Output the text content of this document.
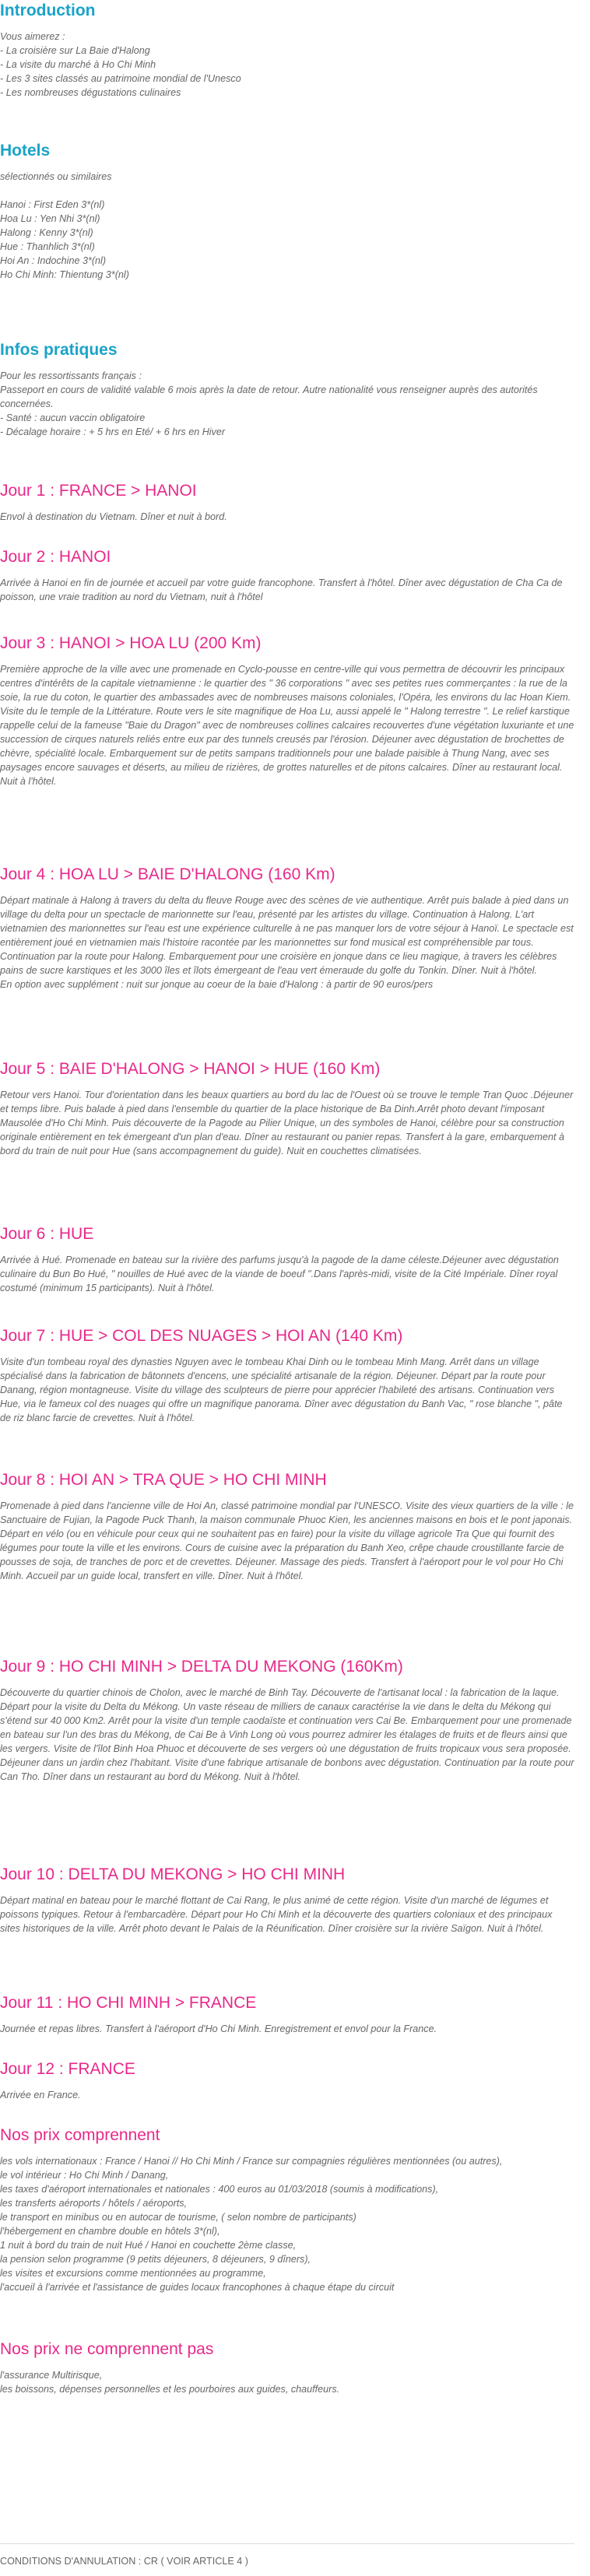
Introduction
Vous aimerez :
- La croisière sur La Baie d'Halong
- La visite du marché à Ho Chi Minh
- Les 3 sites classés au patrimoine mondial de l'Unesco
- Les nombreuses dégustations culinaires
Hotels
sélectionnés ou similaires
Hanoi : First Eden 3*(nl)
Hoa Lu : Yen Nhi 3*(nl)
Halong : Kenny 3*(nl)
Hue : Thanhlich 3*(nl)
Hoi An : Indochine 3*(nl)
Ho Chi Minh: Thientung 3*(nl)
Infos pratiques
Pour les ressortissants français :
Passeport en cours de validité valable 6 mois après la date de retour. Autre nationalité vous renseigner auprès des autorités concernées.
- Santé : aucun vaccin obligatoire
- Décalage horaire : + 5 hrs en Eté/ + 6 hrs en Hiver
Jour 1 : FRANCE > HANOI

Envol à destination du Vietnam. Dîner et nuit à bord.

Jour 2 : HANOI

Arrivée à Hanoi en fin de journée et accueil par votre guide francophone. Transfert à l'hôtel. Dîner avec dégustation de Cha Ca de poisson, une vraie tradition au nord du Vietnam, nuit à l'hôtel

Jour 3 : HANOI > HOA LU (200 Km)

Première approche de la ville avec une promenade en Cyclo-pousse en centre-ville qui vous permettra de découvrir les principaux centres d'intérêts de la capitale vietnamienne : le quartier des " 36 corporations " avec ses petites rues commerçantes : la rue de la soie, la rue du coton, le quartier des ambassades avec de nombreuses maisons coloniales, l'Opéra, les environs du lac Hoan Kiem. Visite du le temple de la Littérature. Route vers le site magnifique de Hoa Lu, aussi appelé le " Halong terrestre ". Le relief karstique rappelle celui de la fameuse "Baie du Dragon" avec de nombreuses collines calcaires recouvertes d'une végétation luxuriante et une succession de cirques naturels reliés entre eux par des tunnels creusés par l'érosion. Déjeuner avec dégustation de brochettes de chèvre, spécialité locale. Embarquement sur de petits sampans traditionnels pour une balade paisible à Thung Nang, avec ses paysages encore sauvages et déserts, au milieu de rizières, de grottes naturelles et de pitons calcaires. Dîner au restaurant local. Nuit à l'hôtel.

Jour 4 : HOA LU > BAIE D'HALONG (160 Km)

Départ matinale à Halong à travers du delta du fleuve Rouge avec des scènes de vie authentique. Arrêt puis balade à pied dans un village du delta pour un spectacle de marionnette sur l'eau, présenté par les artistes du village. Continuation à Halong. L'art vietnamien des marionnettes sur l'eau est une expérience culturelle à ne pas manquer lors de votre séjour à Hanoï. Le spectacle est entièrement joué en vietnamien mais l'histoire racontée par les marionnettes sur fond musical est compréhensible par tous. Continuation par la route pour Halong. Embarquement pour une croisière en jonque dans ce lieu magique, à travers les célèbres pains de sucre karstiques et les 3000 îles et îlots émergeant de l'eau vert émeraude du golfe du Tonkin. Dîner. Nuit à l'hôtel.

En option avec supplément : nuit sur jonque au coeur de la baie d'Halong : à partir de 90 euros/pers

Jour 5 : BAIE D'HALONG > HANOI > HUE (160 Km)

Retour vers Hanoi. Tour d'orientation dans les beaux quartiers au bord du lac de l'Ouest où se trouve le temple Tran Quoc .Déjeuner et temps libre. Puis balade à pied dans l'ensemble du quartier de la place historique de Ba Dinh.Arrêt photo devant l'imposant Mausolée d'Ho Chi Minh. Puis découverte de la Pagode au Pilier Unique, un des symboles de Hanoi, célèbre pour sa construction originale entièrement en tek émergeant d'un plan d'eau. Dîner au restaurant ou panier repas. Transfert à la gare, embarquement à bord du train de nuit pour Hue (sans accompagnement du guide). Nuit en couchettes climatisées.

Jour 6 : HUE

Arrivée à Hué. Promenade en bateau sur la rivière des parfums jusqu'à la pagode de la dame céleste.Déjeuner avec dégustation culinaire du Bun Bo Hué, " nouilles de Hué avec de la viande de boeuf ".Dans l'après-midi, visite de la Cité Impériale. Dîner royal costumé (minimum 15 participants). Nuit à l'hôtel.

Jour 7 : HUE > COL DES NUAGES > HOI AN (140 Km)

Visite d'un tombeau royal des dynasties Nguyen avec le tombeau Khai Dinh ou le tombeau Minh Mang. Arrêt dans un village spécialisé dans la fabrication de bâtonnets d'encens, une spécialité artisanale de la région. Déjeuner. Départ par la route pour Danang, région montagneuse. Visite du village des sculpteurs de pierre pour apprécier l'habileté des artisans. Continuation vers Hue, via le fameux col des nuages qui offre un magnifique panorama. Dîner avec dégustation du Banh Vac, " rose blanche ", pâte de riz blanc farcie de crevettes. Nuit à l'hôtel.

Jour 8 : HOI AN > TRA QUE > HO CHI MINH

Promenade à pied dans l'ancienne ville de Hoi An, classé patrimoine mondial par l'UNESCO. Visite des vieux quartiers de la ville : le Sanctuaire de Fujian, la Pagode Puck Thanh, la maison communale Phuoc Kien, les anciennes maisons en bois et le pont japonais. Départ en vélo (ou en véhicule pour ceux qui ne souhaitent pas en faire) pour la visite du village agricole Tra Que qui fournit des légumes pour toute la ville et les environs. Cours de cuisine avec la préparation du Banh Xeo, crêpe chaude croustillante farcie de pousses de soja, de tranches de porc et de crevettes. Déjeuner. Massage des pieds. Transfert à l'aéroport pour le vol pour Ho Chi Minh. Accueil par un guide local, transfert en ville. Dîner. Nuit à l'hôtel.

Jour 9 : HO CHI MINH > DELTA DU MEKONG (160Km)

Découverte du quartier chinois de Cholon, avec le marché de Binh Tay. Découverte de l'artisanat local : la fabrication de la laque. Départ pour la visite du Delta du Mékong. Un vaste réseau de milliers de canaux caractérise la vie dans le delta du Mékong qui s'étend sur 40 000 Km2. Arrêt pour la visite d'un temple caodaïste et continuation vers Cai Be. Embarquement pour une promenade en bateau sur l'un des bras du Mékong, de Cai Be à Vinh Long où vous pourrez admirer les étalages de fruits et de fleurs ainsi que les vergers. Visite de l'îlot Binh Hoa Phuoc et découverte de ses vergers où une dégustation de fruits tropicaux vous sera proposée. Déjeuner dans un jardin chez l'habitant. Visite d'une fabrique artisanale de bonbons avec dégustation. Continuation par la route pour Can Tho. Dîner dans un restaurant au bord du Mékong. Nuit à l'hôtel.

Jour 10 : DELTA DU MEKONG > HO CHI MINH

Départ matinal en bateau pour le marché flottant de Cai Rang, le plus animé de cette région. Visite d'un marché de légumes et poissons typiques. Retour à l'embarcadère. Départ pour Ho Chi Minh et la découverte des quartiers coloniaux et des principaux sites historiques de la ville. Arrêt photo devant le Palais de la Réunification. Dîner croisière sur la rivière Saïgon. Nuit à l'hôtel.

Jour 11 : HO CHI MINH > FRANCE

Journée et repas libres. Transfert à l'aéroport d'Ho Chi Minh. Enregistrement et envol pour la France.

Jour 12 : FRANCE

Arrivée en France.

Nos prix comprennent
les vols internationaux : France / Hanoi // Ho Chi Minh / France sur compagnies régulières mentionnées (ou autres),
le vol intérieur : Ho Chi Minh / Danang,
les taxes d'aéroport internationales et nationales : 400 euros au 01/03/2018 (soumis à modifications),
les transferts aéroports / hôtels / aéroports,
le transport en minibus ou en autocar de tourisme, ( selon nombre de participants)
l'hébergement en chambre double en hôtels 3*(nl),
1 nuit à bord du train de nuit Hué / Hanoi en couchette 2ème classe,
la pension selon programme (9 petits déjeuners, 8 déjeuners, 9 dîners),
les visites et excursions comme mentionnées au programme,
l'accueil à l'arrivée et l'assistance de guides locaux francophones à chaque étape du circuit
Nos prix ne comprennent pas
l'assurance Multirisque,
les boissons, dépenses personnelles et les pourboires aux guides, chauffeurs.
CONDITIONS D'ANNULATION : CR ( VOIR ARTICLE 4 )
